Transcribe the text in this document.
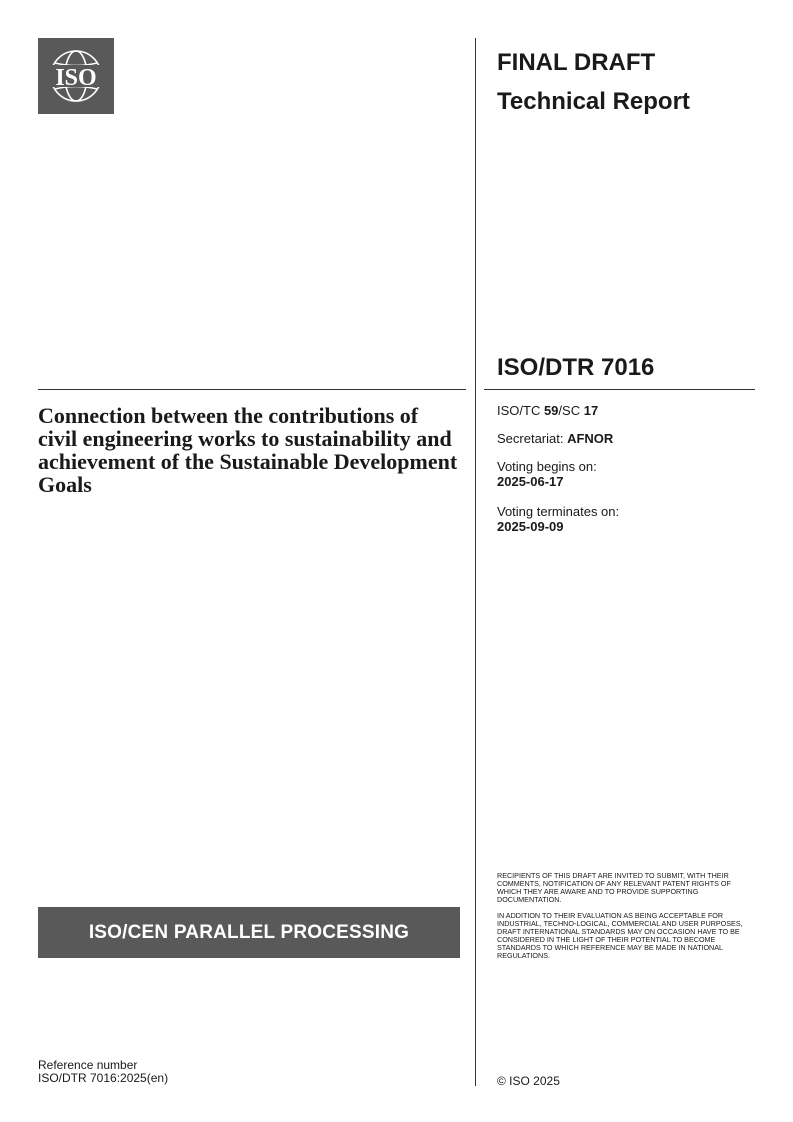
ISO
FINAL DRAFT
Technical Report
ISO/DTR 7016
Connection between the contributions of civil engineering works to sustainability and achievement of the Sustainable Development Goals
ISO/TC 59/SC 17
Secretariat: AFNOR
Voting begins on:
2025-06-17
Voting terminates on:
2025-09-09
RECIPIENTS OF THIS DRAFT ARE INVITED TO SUBMIT, WITH THEIR COMMENTS, NOTIFICATION OF ANY RELEVANT PATENT RIGHTS OF WHICH THEY ARE AWARE AND TO PROVIDE SUPPORTING DOCUMENTATION.
IN ADDITION TO THEIR EVALUATION AS BEING ACCEPTABLE FOR INDUSTRIAL, TECHNO-LOGICAL, COMMERCIAL AND USER PURPOSES, DRAFT INTERNATIONAL STANDARDS MAY ON OCCASION HAVE TO BE CONSIDERED IN THE LIGHT OF THEIR POTENTIAL TO BECOME STANDARDS TO WHICH REFERENCE MAY BE MADE IN NATIONAL REGULATIONS.
ISO/CEN PARALLEL PROCESSING
Reference number
ISO/DTR 7016:2025(en)	© ISO 2025
